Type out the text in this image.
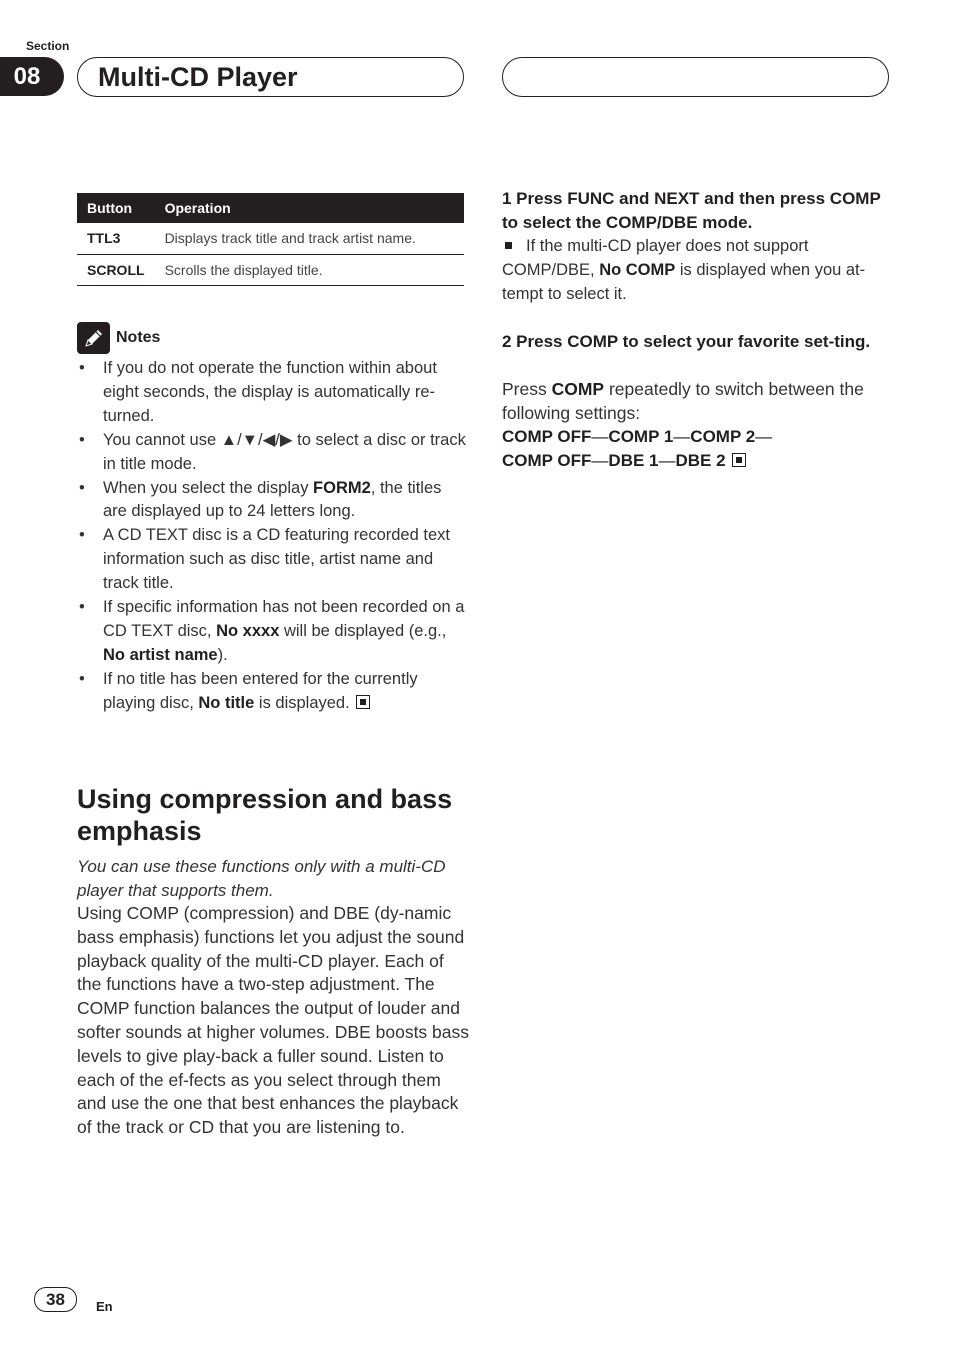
Section
08	Multi-CD Player
Button	Operation
TTL3	Displays track title and track artist name.
SCROLL	Scrolls the displayed title.
Notes
• If you do not operate the function within about eight seconds, the display is automatically re-turned.
• You cannot use ▲/▼/◀/▶ to select a disc or track in title mode.
• When you select the display FORM2, the titles are displayed up to 24 letters long.
• A CD TEXT disc is a CD featuring recorded text information such as disc title, artist name and track title.
• If specific information has not been recorded on a CD TEXT disc, No xxxx will be displayed (e.g., No artist name).
• If no title has been entered for the currently playing disc, No title is displayed.
Using compression and bass emphasis
You can use these functions only with a multi-CD player that supports them.
Using COMP (compression) and DBE (dy-namic bass emphasis) functions let you adjust the sound playback quality of the multi-CD player. Each of the functions have a two-step adjustment. The COMP function balances the output of louder and softer sounds at higher volumes. DBE boosts bass levels to give play-back a fuller sound. Listen to each of the ef-fects as you select through them and use the one that best enhances the playback of the track or CD that you are listening to.
1 Press FUNC and NEXT and then press COMP to select the COMP/DBE mode.
If the multi-CD player does not support COMP/DBE, No COMP is displayed when you at-tempt to select it.
2 Press COMP to select your favorite set-ting.
Press COMP repeatedly to switch between the following settings:
COMP OFF—COMP 1—COMP 2—
COMP OFF—DBE 1—DBE 2
38	En
